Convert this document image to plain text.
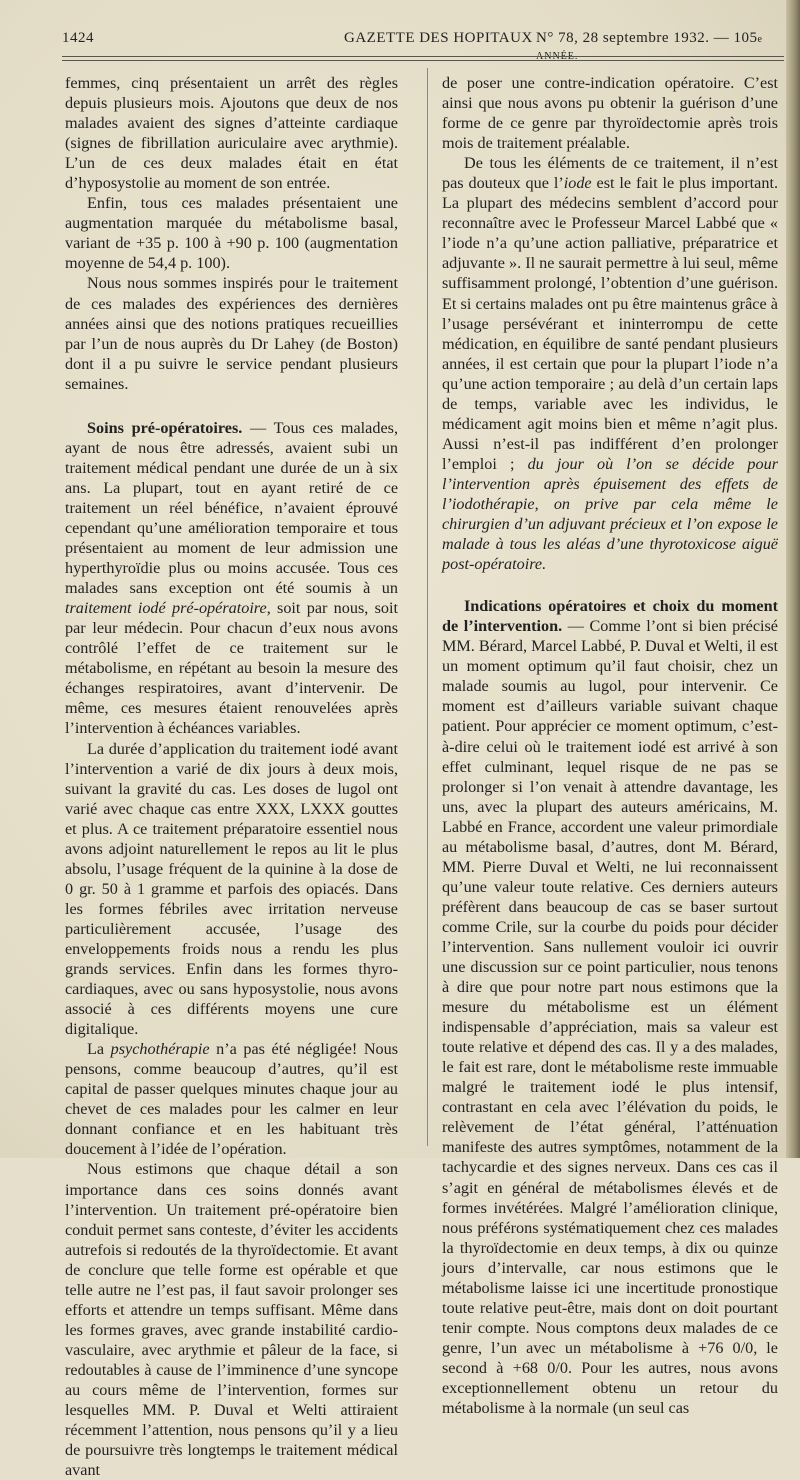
1424	GAZETTE DES HOPITAUX N° 78, 28 septembre 1932. — 105e ANNÉE.

femmes, cinq présentaient un arrêt des règles depuis plusieurs mois. Ajoutons que deux de nos malades avaient des signes d’atteinte cardiaque (signes de fibrillation auriculaire avec arythmie). L’un de ces deux malades était en état d’hyposystolie au moment de son entrée.

Enfin, tous ces malades présentaient une augmentation marquée du métabolisme basal, variant de +35 p. 100 à +90 p. 100 (augmentation moyenne de 54,4 p. 100).

Nous nous sommes inspirés pour le traitement de ces malades des expériences des dernières années ainsi que des notions pratiques recueillies par l’un de nous auprès du Dr Lahey (de Boston) dont il a pu suivre le service pendant plusieurs semaines.

Soins pré-opératoires. — Tous ces malades, ayant de nous être adressés, avaient subi un traitement médical pendant une durée de un à six ans. La plupart, tout en ayant retiré de ce traitement un réel bénéfice, n’avaient éprouvé cependant qu’une amélioration temporaire et tous présentaient au moment de leur admission une hyperthyroïdie plus ou moins accusée. Tous ces malades sans exception ont été soumis à un traitement iodé pré-opératoire, soit par nous, soit par leur médecin. Pour chacun d’eux nous avons contrôlé l’effet de ce traitement sur le métabolisme, en répétant au besoin la mesure des échanges respiratoires, avant d’intervenir. De même, ces mesures étaient renouvelées après l’intervention à échéances variables.

La durée d’application du traitement iodé avant l’intervention a varié de dix jours à deux mois, suivant la gravité du cas. Les doses de lugol ont varié avec chaque cas entre XXX, LXXX gouttes et plus. A ce traitement préparatoire essentiel nous avons adjoint naturellement le repos au lit le plus absolu, l’usage fréquent de la quinine à la dose de 0 gr. 50 à 1 gramme et parfois des opiacés. Dans les formes fébriles avec irritation nerveuse particulièrement accusée, l’usage des enveloppements froids nous a rendu les plus grands services. Enfin dans les formes thyro-cardiaques, avec ou sans hyposystolie, nous avons associé à ces différents moyens une cure digitalique.

La psychothérapie n’a pas été négligée! Nous pensons, comme beaucoup d’autres, qu’il est capital de passer quelques minutes chaque jour au chevet de ces malades pour les calmer en leur donnant confiance et en les habituant très doucement à l’idée de l’opération.

Nous estimons que chaque détail a son importance dans ces soins donnés avant l’intervention. Un traitement pré-opératoire bien conduit permet sans conteste, d’éviter les accidents autrefois si redoutés de la thyroïdectomie. Et avant de conclure que telle forme est opérable et que telle autre ne l’est pas, il faut savoir prolonger ses efforts et attendre un temps suffisant. Même dans les formes graves, avec grande instabilité cardio-vasculaire, avec arythmie et pâleur de la face, si redoutables à cause de l’imminence d’une syncope au cours même de l’intervention, formes sur lesquelles MM. P. Duval et Welti attiraient récemment l’attention, nous pensons qu’il y a lieu de poursuivre très longtemps le traitement médical avant

de poser une contre-indication opératoire. C’est ainsi que nous avons pu obtenir la guérison d’une forme de ce genre par thyroïdectomie après trois mois de traitement préalable.

De tous les éléments de ce traitement, il n’est pas douteux que l’iode est le fait le plus important. La plupart des médecins semblent d’accord pour reconnaître avec le Professeur Marcel Labbé que « l’iode n’a qu’une action palliative, préparatrice et adjuvante ». Il ne saurait permettre à lui seul, même suffisamment prolongé, l’obtention d’une guérison. Et si certains malades ont pu être maintenus grâce à l’usage persévérant et ininterrompu de cette médication, en équilibre de santé pendant plusieurs années, il est certain que pour la plupart l’iode n’a qu’une action temporaire ; au delà d’un certain laps de temps, variable avec les individus, le médicament agit moins bien et même n’agit plus. Aussi n’est-il pas indifférent d’en prolonger l’emploi ; du jour où l’on se décide pour l’intervention après épuisement des effets de l’iodothérapie, on prive par cela même le chirurgien d’un adjuvant précieux et l’on expose le malade à tous les aléas d’une thyrotoxicose aiguë post-opératoire.

Indications opératoires et choix du moment de l’intervention. — Comme l’ont si bien précisé MM. Bérard, Marcel Labbé, P. Duval et Welti, il est un moment optimum qu’il faut choisir, chez un malade soumis au lugol, pour intervenir. Ce moment est d’ailleurs variable suivant chaque patient. Pour apprécier ce moment optimum, c’est-à-dire celui où le traitement iodé est arrivé à son effet culminant, lequel risque de ne pas se prolonger si l’on venait à attendre davantage, les uns, avec la plupart des auteurs américains, M. Labbé en France, accordent une valeur primordiale au métabolisme basal, d’autres, dont M. Bérard, MM. Pierre Duval et Welti, ne lui reconnaissent qu’une valeur toute relative. Ces derniers auteurs préfèrent dans beaucoup de cas se baser surtout comme Crile, sur la courbe du poids pour décider l’intervention. Sans nullement vouloir ici ouvrir une discussion sur ce point particulier, nous tenons à dire que pour notre part nous estimons que la mesure du métabolisme est un élément indispensable d’appréciation, mais sa valeur est toute relative et dépend des cas. Il y a des malades, le fait est rare, dont le métabolisme reste immuable malgré le traitement iodé le plus intensif, contrastant en cela avec l’élévation du poids, le relèvement de l’état général, l’atténuation manifeste des autres symptômes, notamment de la tachycardie et des signes nerveux. Dans ces cas il s’agit en général de métabolismes élevés et de formes invétérées. Malgré l’amélioration clinique, nous préférons systématiquement chez ces malades la thyroïdectomie en deux temps, à dix ou quinze jours d’intervalle, car nous estimons que le métabolisme laisse ici une incertitude pronostique toute relative peut-être, mais dont on doit pourtant tenir compte. Nous comptons deux malades de ce genre, l’un avec un métabolisme à +76 0/0, le second à +68 0/0. Pour les autres, nous avons exceptionnellement obtenu un retour du métabolisme à la normale (un seul cas
